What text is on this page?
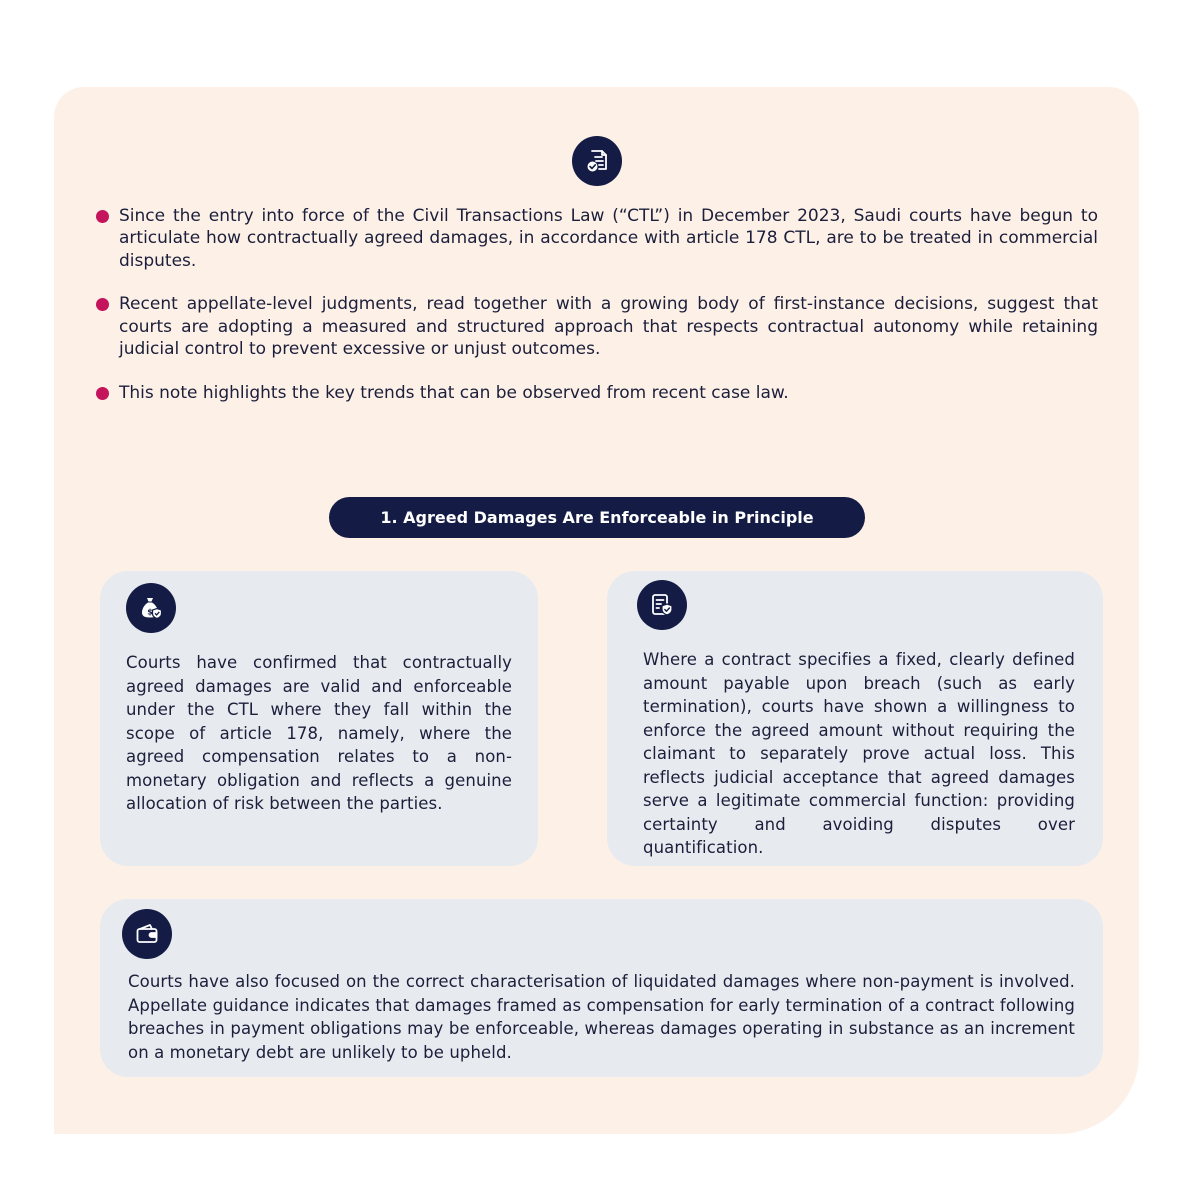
Since the entry into force of the Civil Transactions Law (“CTL”) in December 2023, Saudi courts have begun to articulate how contractually agreed damages, in accordance with article 178 CTL, are to be treated in commercial disputes.
Recent appellate-level judgments, read together with a growing body of first-instance decisions, suggest that courts are adopting a measured and structured approach that respects contractual autonomy while retaining judicial control to prevent excessive or unjust outcomes.
This note highlights the key trends that can be observed from recent case law.
1. Agreed Damages Are Enforceable in Principle
$
Courts have confirmed that contractually agreed damages are valid and enforceable under the CTL where they fall within the scope of article 178, namely, where the agreed compensation relates to a non-monetary obligation and reflects a genuine allocation of risk between the parties.
Where a contract specifies a fixed, clearly defined amount payable upon breach (such as early termination), courts have shown a willingness to enforce the agreed amount without requiring the claimant to separately prove actual loss. This reflects judicial acceptance that agreed damages serve a legitimate commercial function: providing certainty and avoiding disputes over quantification.
Courts have also focused on the correct characterisation of liquidated damages where non-payment is involved. Appellate guidance indicates that damages framed as compensation for early termination of a contract following breaches in payment obligations may be enforceable, whereas damages operating in substance as an increment on a monetary debt are unlikely to be upheld.
